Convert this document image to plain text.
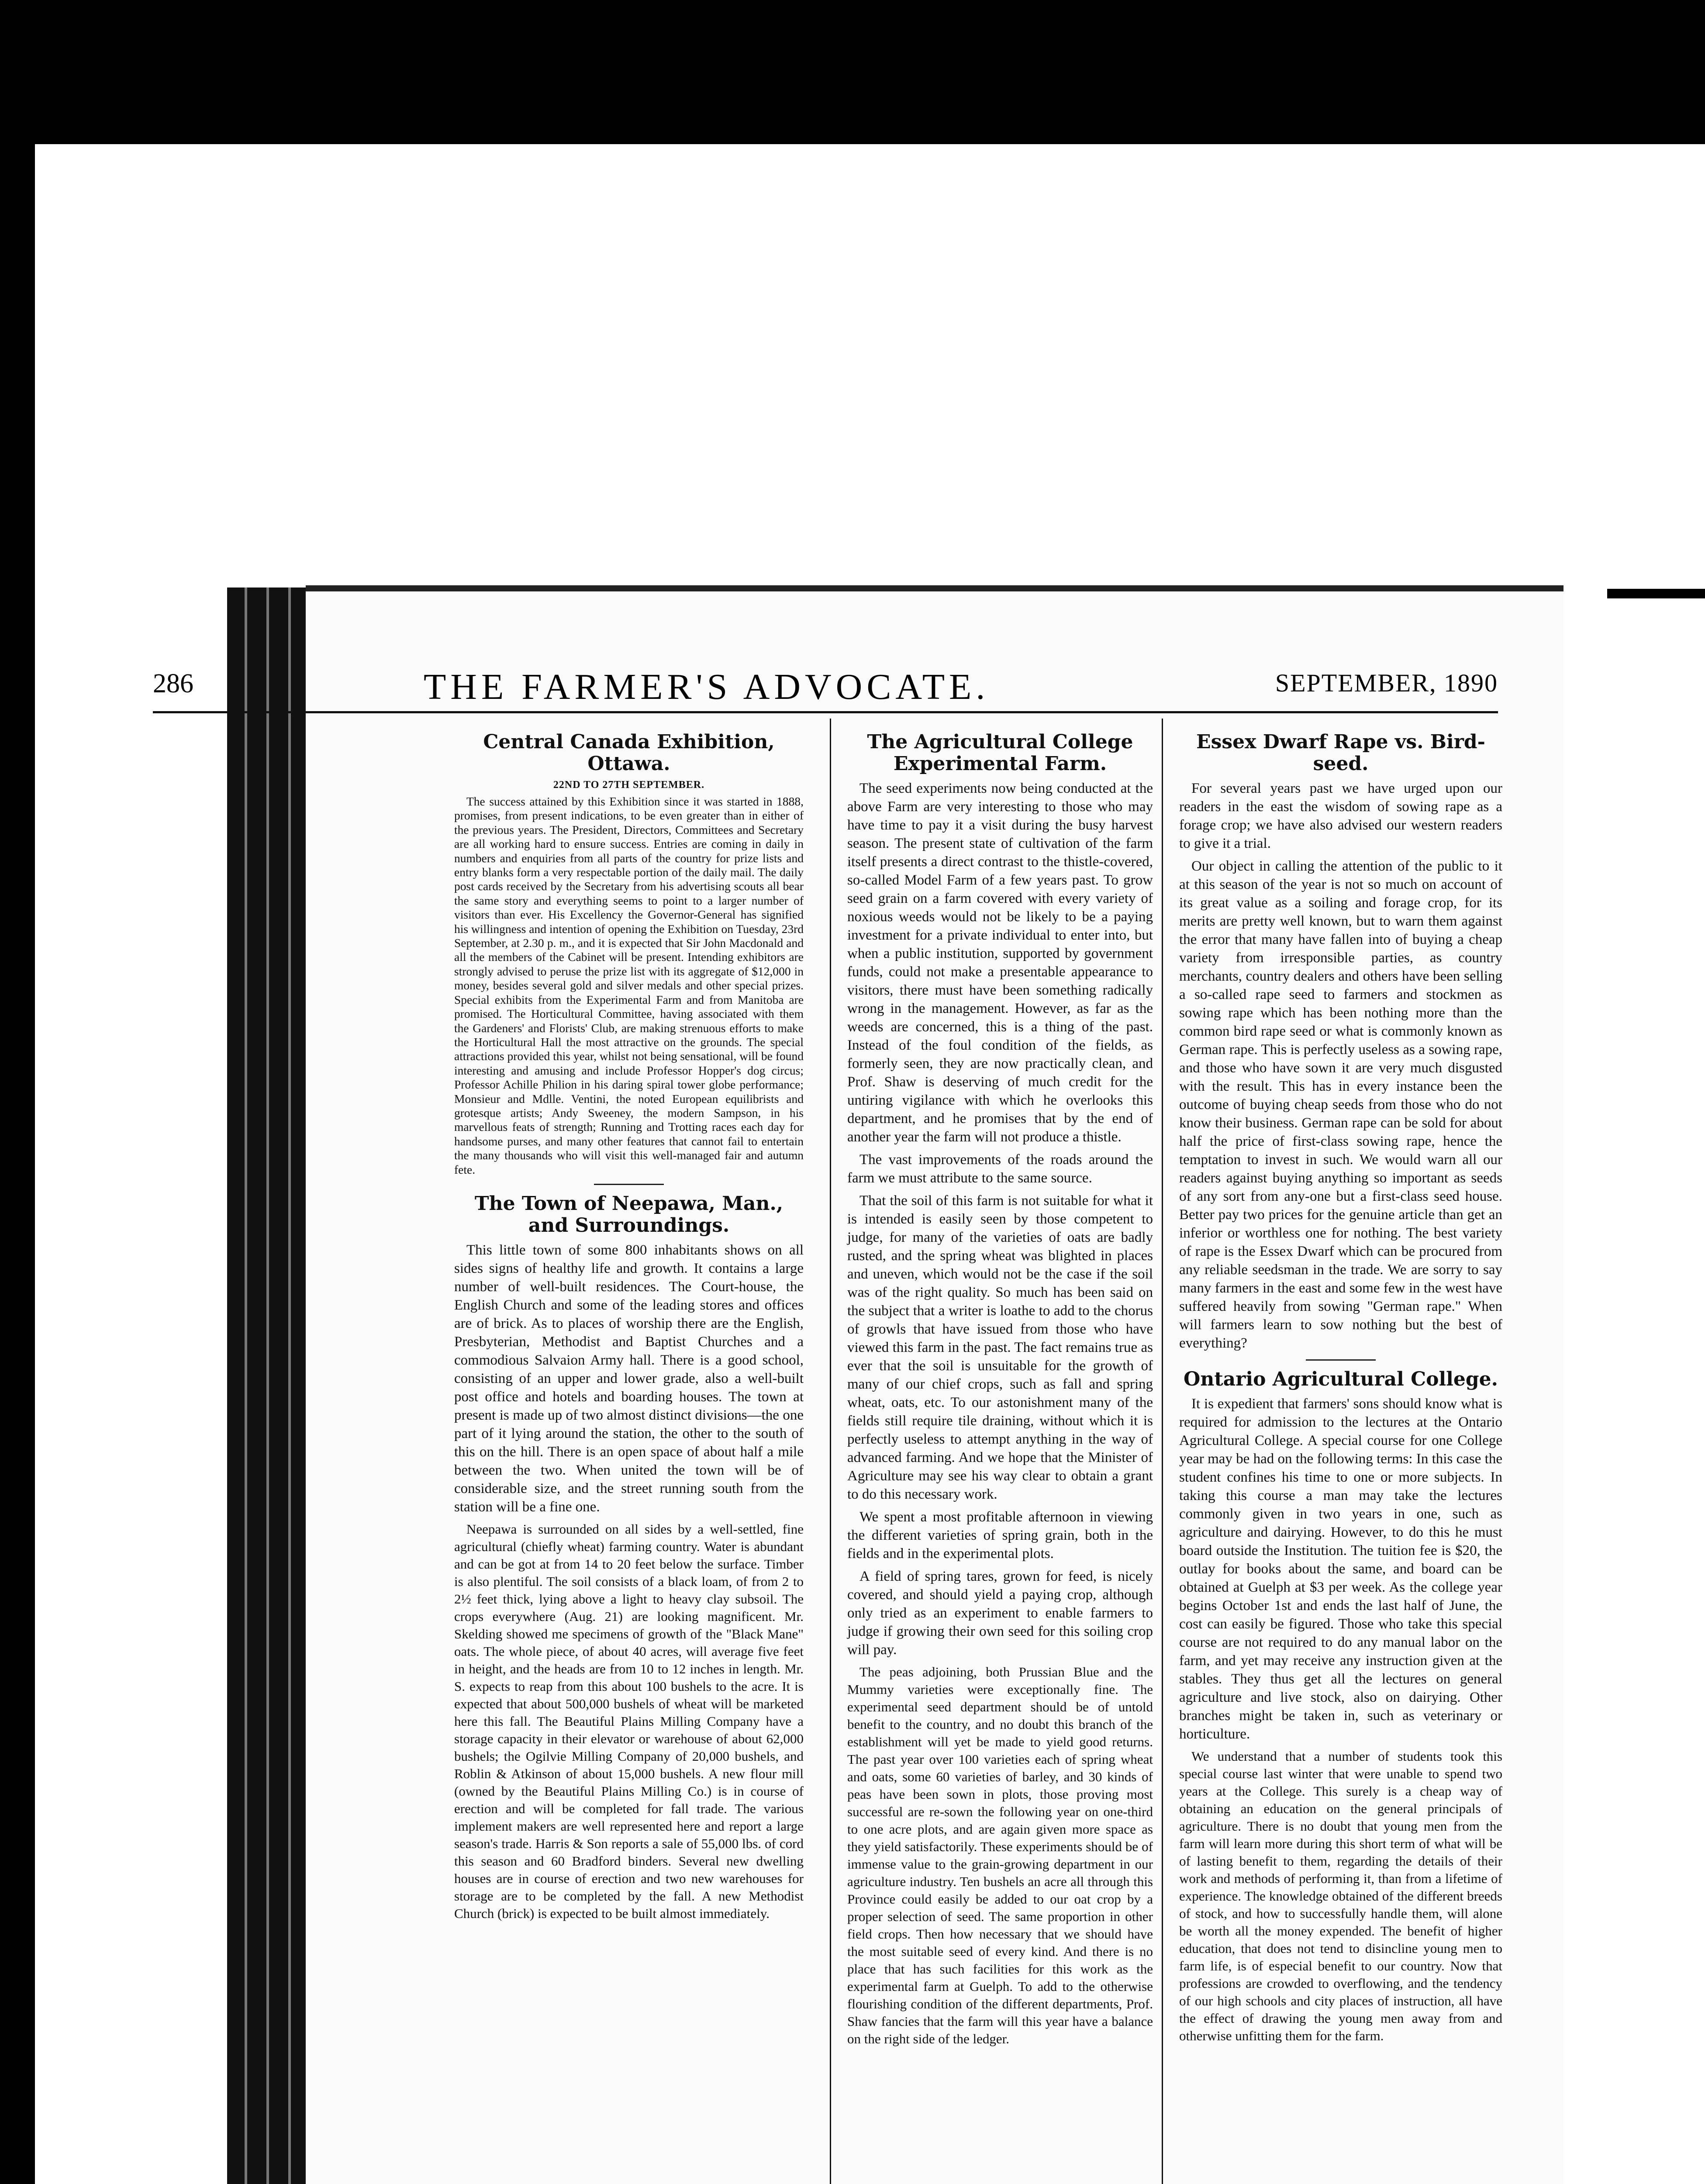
286	THE FARMER'S ADVOCATE.	SEPTEMBER, 1890
Central Canada Exhibition, Ottawa.
22ND TO 27TH SEPTEMBER.

The success attained by this Exhibition since it was started in 1888, promises, from present indications, to be even greater than in either of the previous years. The President, Directors, Committees and Secretary are all working hard to ensure success. Entries are coming in daily in numbers and enquiries from all parts of the country for prize lists and entry blanks form a very respectable portion of the daily mail. The daily post cards received by the Secretary from his advertising scouts all bear the same story and everything seems to point to a larger number of visitors than ever. His Excellency the Governor-General has signified his willingness and intention of opening the Exhibition on Tuesday, 23rd September, at 2.30 p. m., and it is expected that Sir John Macdonald and all the members of the Cabinet will be present. Intending exhibitors are strongly advised to peruse the prize list with its aggregate of $12,000 in money, besides several gold and silver medals and other special prizes. Special exhibits from the Experimental Farm and from Manitoba are promised. The Horticultural Committee, having associated with them the Gardeners' and Florists' Club, are making strenuous efforts to make the Horticultural Hall the most attractive on the grounds. The special attractions provided this year, whilst not being sensational, will be found interesting and amusing and include Professor Hopper's dog circus; Professor Achille Philion in his daring spiral tower globe performance; Monsieur and Mdlle. Ventini, the noted European equilibrists and grotesque artists; Andy Sweeney, the modern Sampson, in his marvellous feats of strength; Running and Trotting races each day for handsome purses, and many other features that cannot fail to entertain the many thousands who will visit this well-managed fair and autumn fete.

The Town of Neepawa, Man., and Surroundings.

This little town of some 800 inhabitants shows on all sides signs of healthy life and growth. It contains a large number of well-built residences. The Court-house, the English Church and some of the leading stores and offices are of brick. As to places of worship there are the English, Presbyterian, Methodist and Baptist Churches and a commodious Salvaion Army hall. There is a good school, consisting of an upper and lower grade, also a well-built post office and hotels and boarding houses. The town at present is made up of two almost distinct divisions—the one part of it lying around the station, the other to the south of this on the hill. There is an open space of about half a mile between the two. When united the town will be of considerable size, and the street running south from the station will be a fine one.

Neepawa is surrounded on all sides by a well-settled, fine agricultural (chiefly wheat) farming country. Water is abundant and can be got at from 14 to 20 feet below the surface. Timber is also plentiful. The soil consists of a black loam, of from 2 to 2½ feet thick, lying above a light to heavy clay subsoil. The crops everywhere (Aug. 21) are looking magnificent. Mr. Skelding showed me specimens of growth of the "Black Mane" oats. The whole piece, of about 40 acres, will average five feet in height, and the heads are from 10 to 12 inches in length. Mr. S. expects to reap from this about 100 bushels to the acre. It is expected that about 500,000 bushels of wheat will be marketed here this fall. The Beautiful Plains Milling Company have a storage capacity in their elevator or warehouse of about 62,000 bushels; the Ogilvie Milling Company of 20,000 bushels, and Roblin & Atkinson of about 15,000 bushels. A new flour mill (owned by the Beautiful Plains Milling Co.) is in course of erection and will be completed for fall trade. The various implement makers are well represented here and report a large season's trade. Harris & Son reports a sale of 55,000 lbs. of cord this season and 60 Bradford binders. Several new dwelling houses are in course of erection and two new warehouses for storage are to be completed by the fall. A new Methodist Church (brick) is expected to be built almost immediately.

The Agricultural College Experimental Farm.

The seed experiments now being conducted at the above Farm are very interesting to those who may have time to pay it a visit during the busy harvest season. The present state of cultivation of the farm itself presents a direct contrast to the thistle-covered, so-called Model Farm of a few years past. To grow seed grain on a farm covered with every variety of noxious weeds would not be likely to be a paying investment for a private individual to enter into, but when a public institution, supported by government funds, could not make a presentable appearance to visitors, there must have been something radically wrong in the management. However, as far as the weeds are concerned, this is a thing of the past. Instead of the foul condition of the fields, as formerly seen, they are now practically clean, and Prof. Shaw is deserving of much credit for the untiring vigilance with which he overlooks this department, and he promises that by the end of another year the farm will not produce a thistle.

The vast improvements of the roads around the farm we must attribute to the same source.

That the soil of this farm is not suitable for what it is intended is easily seen by those competent to judge, for many of the varieties of oats are badly rusted, and the spring wheat was blighted in places and uneven, which would not be the case if the soil was of the right quality. So much has been said on the subject that a writer is loathe to add to the chorus of growls that have issued from those who have viewed this farm in the past. The fact remains true as ever that the soil is unsuitable for the growth of many of our chief crops, such as fall and spring wheat, oats, etc. To our astonishment many of the fields still require tile draining, without which it is perfectly useless to attempt anything in the way of advanced farming. And we hope that the Minister of Agriculture may see his way clear to obtain a grant to do this necessary work.

We spent a most profitable afternoon in viewing the different varieties of spring grain, both in the fields and in the experimental plots.

A field of spring tares, grown for feed, is nicely covered, and should yield a paying crop, although only tried as an experiment to enable farmers to judge if growing their own seed for this soiling crop will pay.

The peas adjoining, both Prussian Blue and the Mummy varieties were exceptionally fine. The experimental seed department should be of untold benefit to the country, and no doubt this branch of the establishment will yet be made to yield good returns. The past year over 100 varieties each of spring wheat and oats, some 60 varieties of barley, and 30 kinds of peas have been sown in plots, those proving most successful are re-sown the following year on one-third to one acre plots, and are again given more space as they yield satisfactorily. These experiments should be of immense value to the grain-growing department in our agriculture industry. Ten bushels an acre all through this Province could easily be added to our oat crop by a proper selection of seed. The same proportion in other field crops. Then how necessary that we should have the most suitable seed of every kind. And there is no place that has such facilities for this work as the experimental farm at Guelph. To add to the otherwise flourishing condition of the different departments, Prof. Shaw fancies that the farm will this year have a balance on the right side of the ledger.

Essex Dwarf Rape vs. Bird-seed.

For several years past we have urged upon our readers in the east the wisdom of sowing rape as a forage crop; we have also advised our western readers to give it a trial.

Our object in calling the attention of the public to it at this season of the year is not so much on account of its great value as a soiling and forage crop, for its merits are pretty well known, but to warn them against the error that many have fallen into of buying a cheap variety from irresponsible parties, as country merchants, country dealers and others have been selling a so-called rape seed to farmers and stockmen as sowing rape which has been nothing more than the common bird rape seed or what is commonly known as German rape. This is perfectly useless as a sowing rape, and those who have sown it are very much disgusted with the result. This has in every instance been the outcome of buying cheap seeds from those who do not know their business. German rape can be sold for about half the price of first-class sowing rape, hence the temptation to invest in such. We would warn all our readers against buying anything so important as seeds of any sort from any-one but a first-class seed house. Better pay two prices for the genuine article than get an inferior or worthless one for nothing. The best variety of rape is the Essex Dwarf which can be procured from any reliable seedsman in the trade. We are sorry to say many farmers in the east and some few in the west have suffered heavily from sowing "German rape." When will farmers learn to sow nothing but the best of everything?

Ontario Agricultural College.

It is expedient that farmers' sons should know what is required for admission to the lectures at the Ontario Agricultural College. A special course for one College year may be had on the following terms: In this case the student confines his time to one or more subjects. In taking this course a man may take the lectures commonly given in two years in one, such as agriculture and dairying. However, to do this he must board outside the Institution. The tuition fee is $20, the outlay for books about the same, and board can be obtained at Guelph at $3 per week. As the college year begins October 1st and ends the last half of June, the cost can easily be figured. Those who take this special course are not required to do any manual labor on the farm, and yet may receive any instruction given at the stables. They thus get all the lectures on general agriculture and live stock, also on dairying. Other branches might be taken in, such as veterinary or horticulture.

We understand that a number of students took this special course last winter that were unable to spend two years at the College. This surely is a cheap way of obtaining an education on the general principals of agriculture. There is no doubt that young men from the farm will learn more during this short term of what will be of lasting benefit to them, regarding the details of their work and methods of performing it, than from a lifetime of experience. The knowledge obtained of the different breeds of stock, and how to successfully handle them, will alone be worth all the money expended. The benefit of higher education, that does not tend to disincline young men to farm life, is of especial benefit to our country. Now that professions are crowded to overflowing, and the tendency of our high schools and city places of instruction, all have the effect of drawing the young men away from and otherwise unfitting them for the farm.
